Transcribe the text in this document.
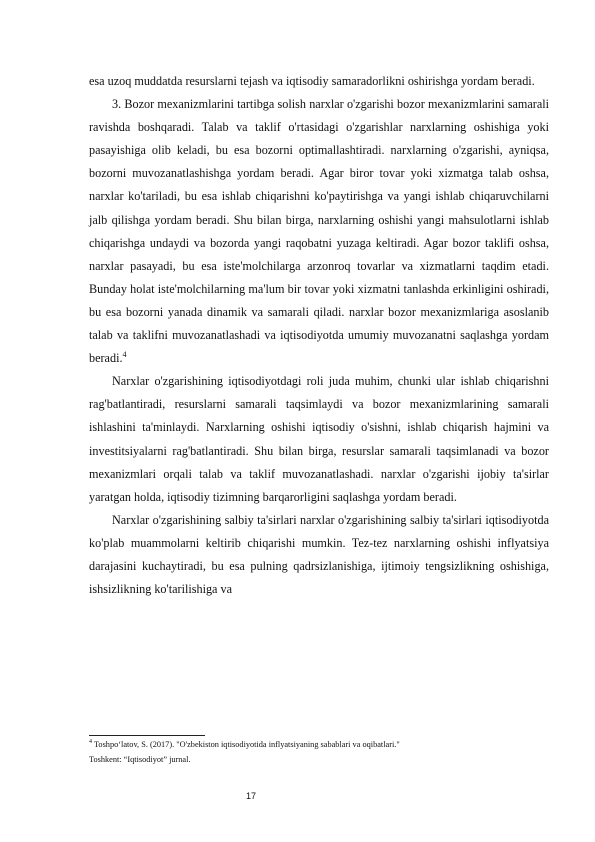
esa uzoq muddatda resurslarni tejash va iqtisodiy samaradorlikni oshirishga yordam beradi.

3. Bozor mexanizmlarini tartibga solish narxlar o'zgarishi bozor mexanizmlarini samarali ravishda boshqaradi. Talab va taklif o'rtasidagi o'zgarishlar narxlarning oshishiga yoki pasayishiga olib keladi, bu esa bozorni optimallashtiradi. narxlarning o'zgarishi, ayniqsa, bozorni muvozanatlashishga yordam beradi. Agar biror tovar yoki xizmatga talab oshsa, narxlar ko'tariladi, bu esa ishlab chiqarishni ko'paytirishga va yangi ishlab chiqaruvchilarni jalb qilishga yordam beradi. Shu bilan birga, narxlarning oshishi yangi mahsulotlarni ishlab chiqarishga undaydi va bozorda yangi raqobatni yuzaga keltiradi. Agar bozor taklifi oshsa, narxlar pasayadi, bu esa iste'molchilarga arzonroq tovarlar va xizmatlarni taqdim etadi. Bunday holat iste'molchilarning ma'lum bir tovar yoki xizmatni tanlashda erkinligini oshiradi, bu esa bozorni yanada dinamik va samarali qiladi. narxlar bozor mexanizmlariga asoslanib talab va taklifni muvozanatlashadi va iqtisodiyotda umumiy muvozanatni saqlashga yordam beradi.$^4$

Narxlar o'zgarishining iqtisodiyotdagi roli juda muhim, chunki ular ishlab chiqarishni rag'batlantiradi, resurslarni samarali taqsimlaydi va bozor mexanizmlarining samarali ishlashini ta'minlaydi. Narxlarning oshishi iqtisodiy o'sishni, ishlab chiqarish hajmini va investitsiyalarni rag'batlantiradi. Shu bilan birga, resurslar samarali taqsimlanadi va bozor mexanizmlari orqali talab va taklif muvozanatlashadi. narxlar o'zgarishi ijobiy ta'sirlar yaratgan holda, iqtisodiy tizimning barqarorligini saqlashga yordam beradi.

Narxlar o'zgarishining salbiy ta'sirlari narxlar o'zgarishining salbiy ta'sirlari iqtisodiyotda ko'plab muammolarni keltirib chiqarishi mumkin. Tez-tez narxlarning oshishi inflyatsiya darajasini kuchaytiradi, bu esa pulning qadrsizlanishiga, ijtimoiy tengsizlikning oshishiga, ishsizlikning ko'tarilishiga va

$^4$ Toshpo‘latov, S. (2017). "O'zbekiston iqtisodiyotida inflyatsiyaning sabablari va oqibatlari."
Toshkent: “Iqtisodiyot” jurnal.

17
